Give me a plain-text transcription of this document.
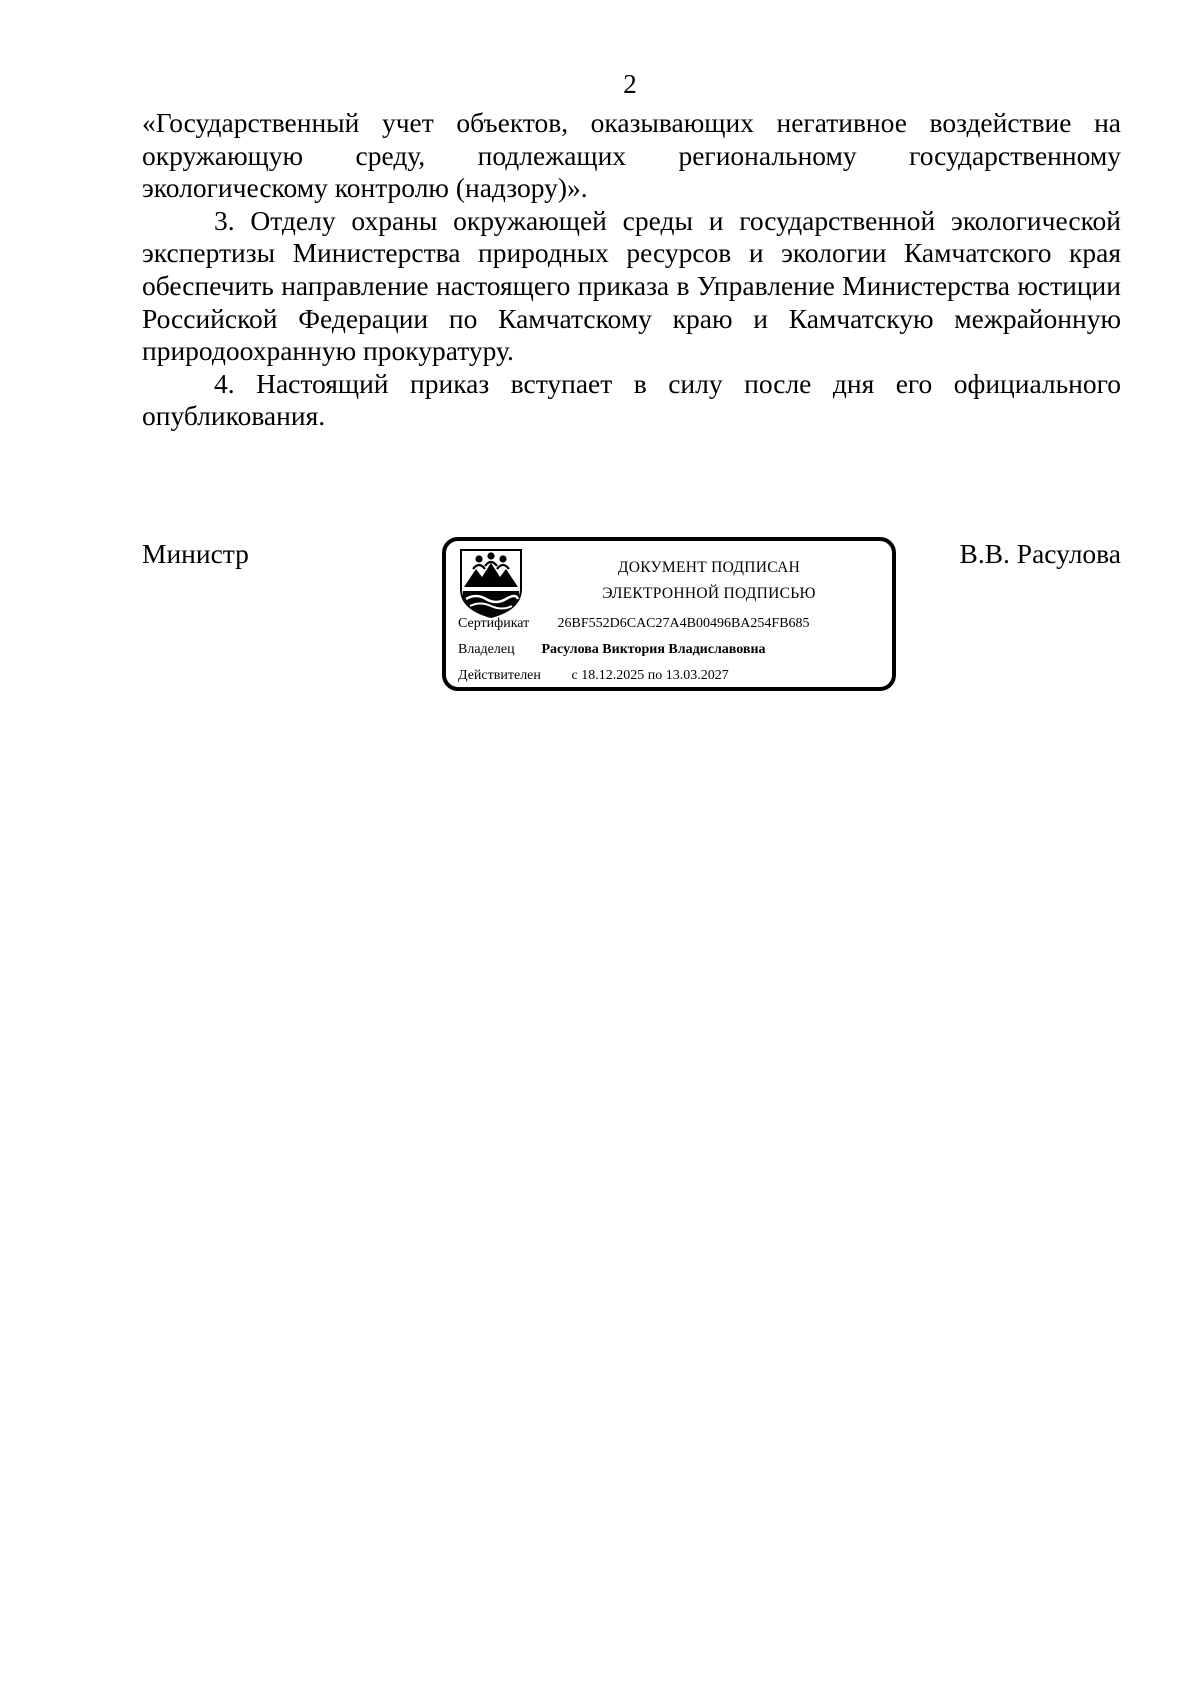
2

«Государственный учет объектов, оказывающих негативное воздействие на окружающую среду, подлежащих региональному государственному экологическому контролю (надзору)».

3. Отделу охраны окружающей среды и государственной экологической экспертизы Министерства природных ресурсов и экологии Камчатского края обеспечить направление настоящего приказа в Управление Министерства юстиции Российской Федерации по Камчатскому краю и Камчатскую межрайонную природоохранную прокуратуру.

4. Настоящий приказ вступает в силу после дня его официального опубликования.

Министр	ДОКУМЕНТ ПОДПИСАН
ЭЛЕКТРОННОЙ ПОДПИСЬЮ
Сертификат 26BF552D6CAC27A4B00496BA254FB685
Владелец Расулова Виктория Владиславовна
Действителен с 18.12.2025 по 13.03.2027
В.В. Расулова
